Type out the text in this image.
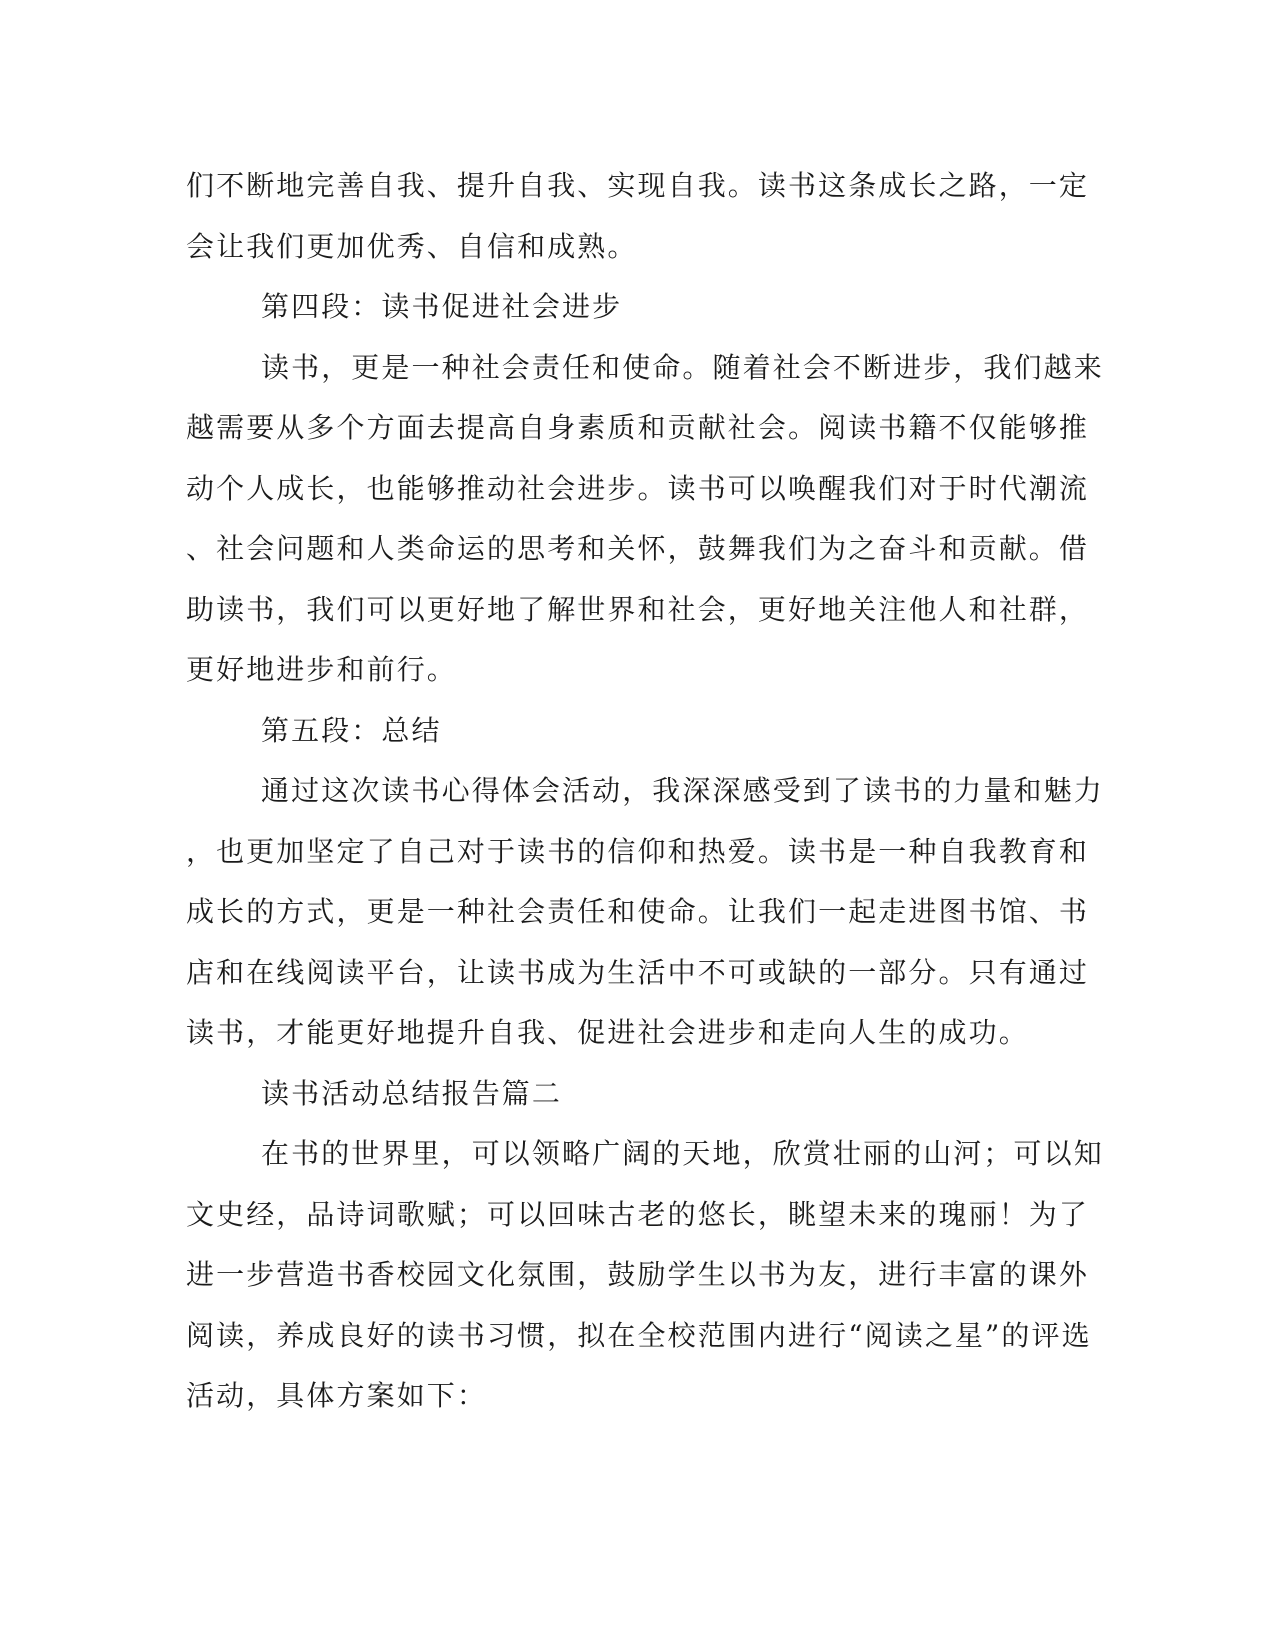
们不断地完善自我、提升自我、实现自我。读书这条成长之路，一定
会让我们更加优秀、自信和成熟。
第四段：读书促进社会进步
读书，更是一种社会责任和使命。随着社会不断进步，我们越来
越需要从多个方面去提高自身素质和贡献社会。阅读书籍不仅能够推
动个人成长，也能够推动社会进步。读书可以唤醒我们对于时代潮流
、社会问题和人类命运的思考和关怀，鼓舞我们为之奋斗和贡献。借
助读书，我们可以更好地了解世界和社会，更好地关注他人和社群，
更好地进步和前行。
第五段：总结
通过这次读书心得体会活动，我深深感受到了读书的力量和魅力
，也更加坚定了自己对于读书的信仰和热爱。读书是一种自我教育和
成长的方式，更是一种社会责任和使命。让我们一起走进图书馆、书
店和在线阅读平台，让读书成为生活中不可或缺的一部分。只有通过
读书，才能更好地提升自我、促进社会进步和走向人生的成功。
读书活动总结报告篇二
在书的世界里，可以领略广阔的天地，欣赏壮丽的山河；可以知
文史经，品诗词歌赋；可以回味古老的悠长，眺望未来的瑰丽！为了
进一步营造书香校园文化氛围，鼓励学生以书为友，进行丰富的课外
阅读，养成良好的读书习惯，拟在全校范围内进行“阅读之星”的评选
活动，具体方案如下：
